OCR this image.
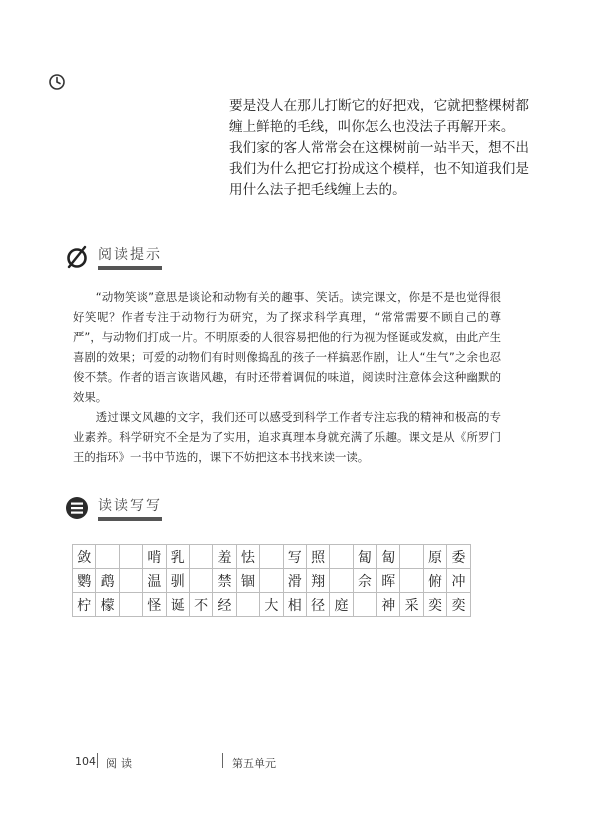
要是没人在那儿打断它的好把戏，它就把整棵树都缠上鲜艳的毛线，叫你怎么也没法子再解开来。

我们家的客人常常会在这棵树前一站半天，想不出我们为什么把它打扮成这个模样，也不知道我们是用什么法子把毛线缠上去的。

阅读提示

“动物笑谈”意思是谈论和动物有关的趣事、笑话。读完课文，你是不是也觉得很好笑呢？作者专注于动物行为研究，为了探求科学真理，“常常需要不顾自己的尊严”，与动物们打成一片。不明原委的人很容易把他的行为视为怪诞或发疯，由此产生喜剧的效果；可爱的动物们有时则像捣乱的孩子一样搞恶作剧，让人“生气”之余也忍俊不禁。作者的语言诙谐风趣，有时还带着调侃的味道，阅读时注意体会这种幽默的效果。

透过课文风趣的文字，我们还可以感受到科学工作者专注忘我的精神和极高的专业素养。科学研究不全是为了实用，追求真理本身就充满了乐趣。课文是从《所罗门王的指环》一书中节选的，课下不妨把这本书找来读一读。

读读写写
敛			啃	乳		羞	怯		写	照		匐	匐		原	委
鹦	鹉		温	驯		禁	锢		滑	翔		佘	晖		俯	冲
柠	檬		怪	诞	不	经		大	相	径	庭		神	采	奕	奕
104 阅读	第五单元
